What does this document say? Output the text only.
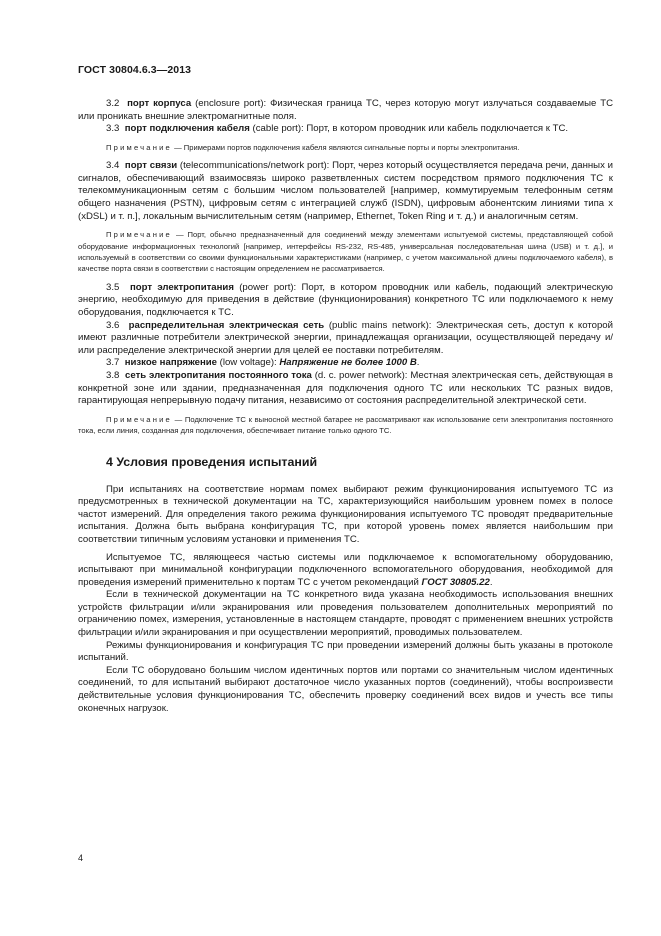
ГОСТ 30804.6.3—2013

3.2 порт корпуса (enclosure port): Физическая граница ТС, через которую могут излучаться создаваемые ТС или проникать внешние электромагнитные поля.

3.3 порт подключения кабеля (cable port): Порт, в котором проводник или кабель подключается к ТС.

Примечание — Примерами портов подключения кабеля являются сигнальные порты и порты электропитания.

3.4 порт связи (telecommunications/network port): Порт, через который осуществляется передача речи, данных и сигналов, обеспечивающий взаимосвязь широко разветвленных систем посредством прямого подключения ТС к телекоммуникационным сетям с большим числом пользователей [например, коммутируемым телефонным сетям общего назначения (PSTN), цифровым сетям с интеграцией служб (ISDN), цифровым абонентским линиями типа x (xDSL) и т. п.], локальным вычислительным сетям (например, Ethernet, Token Ring и т. д.) и аналогичным сетям.

Примечание — Порт, обычно предназначенный для соединений между элементами испытуемой системы, представляющей собой оборудование информационных технологий [например, интерфейсы RS-232, RS-485, универсальная последовательная шина (USB) и т. д.], и используемый в соответствии со своими функциональными характеристиками (например, с учетом максимальной длины подключаемого кабеля), в качестве порта связи в соответствии с настоящим определением не рассматривается.

3.5 порт электропитания (power port): Порт, в котором проводник или кабель, подающий электрическую энергию, необходимую для приведения в действие (функционирования) конкретного ТС или подключаемого к нему оборудования, подключается к ТС.

3.6 распределительная электрическая сеть (public mains network): Электрическая сеть, доступ к которой имеют различные потребители электрической энергии, принадлежащая организации, осуществляющей передачу и/или распределение электрической энергии для целей ее поставки потребителям.

3.7 низкое напряжение (low voltage): Напряжение не более 1000 В.

3.8 сеть электропитания постоянного тока (d. c. power network): Местная электрическая сеть, действующая в конкретной зоне или здании, предназначенная для подключения одного ТС или нескольких ТС разных видов, гарантирующая непрерывную подачу питания, независимо от состояния распределительной электрической сети.

Примечание — Подключение ТС к выносной местной батарее не рассматривают как использование сети электропитания постоянного тока, если линия, созданная для подключения, обеспечивает питание только одного ТС.

4 Условия проведения испытаний

При испытаниях на соответствие нормам помех выбирают режим функционирования испытуемого ТС из предусмотренных в технической документации на ТС, характеризующийся наибольшим уровнем помех в полосе частот измерений. Для определения такого режима функционирования испытуемого ТС проводят предварительные испытания. Должна быть выбрана конфигурация ТС, при которой уровень помех является наибольшим при соответствии типичным условиям установки и применения ТС.

Испытуемое ТС, являющееся частью системы или подключаемое к вспомогательному оборудованию, испытывают при минимальной конфигурации подключенного вспомогательного оборудования, необходимой для проведения измерений применительно к портам ТС с учетом рекомендаций ГОСТ 30805.22.

Если в технической документации на ТС конкретного вида указана необходимость использования внешних устройств фильтрации и/или экранирования или проведения пользователем дополнительных мероприятий по ограничению помех, измерения, установленные в настоящем стандарте, проводят с применением внешних устройств фильтрации и/или экранирования и при осуществлении мероприятий, проводимых пользователем.

Режимы функционирования и конфигурация ТС при проведении измерений должны быть указаны в протоколе испытаний.

Если ТС оборудовано большим числом идентичных портов или портами со значительным числом идентичных соединений, то для испытаний выбирают достаточное число указанных портов (соединений), чтобы воспроизвести действительные условия функционирования ТС, обеспечить проверку соединений всех видов и учесть все типы оконечных нагрузок.

4
